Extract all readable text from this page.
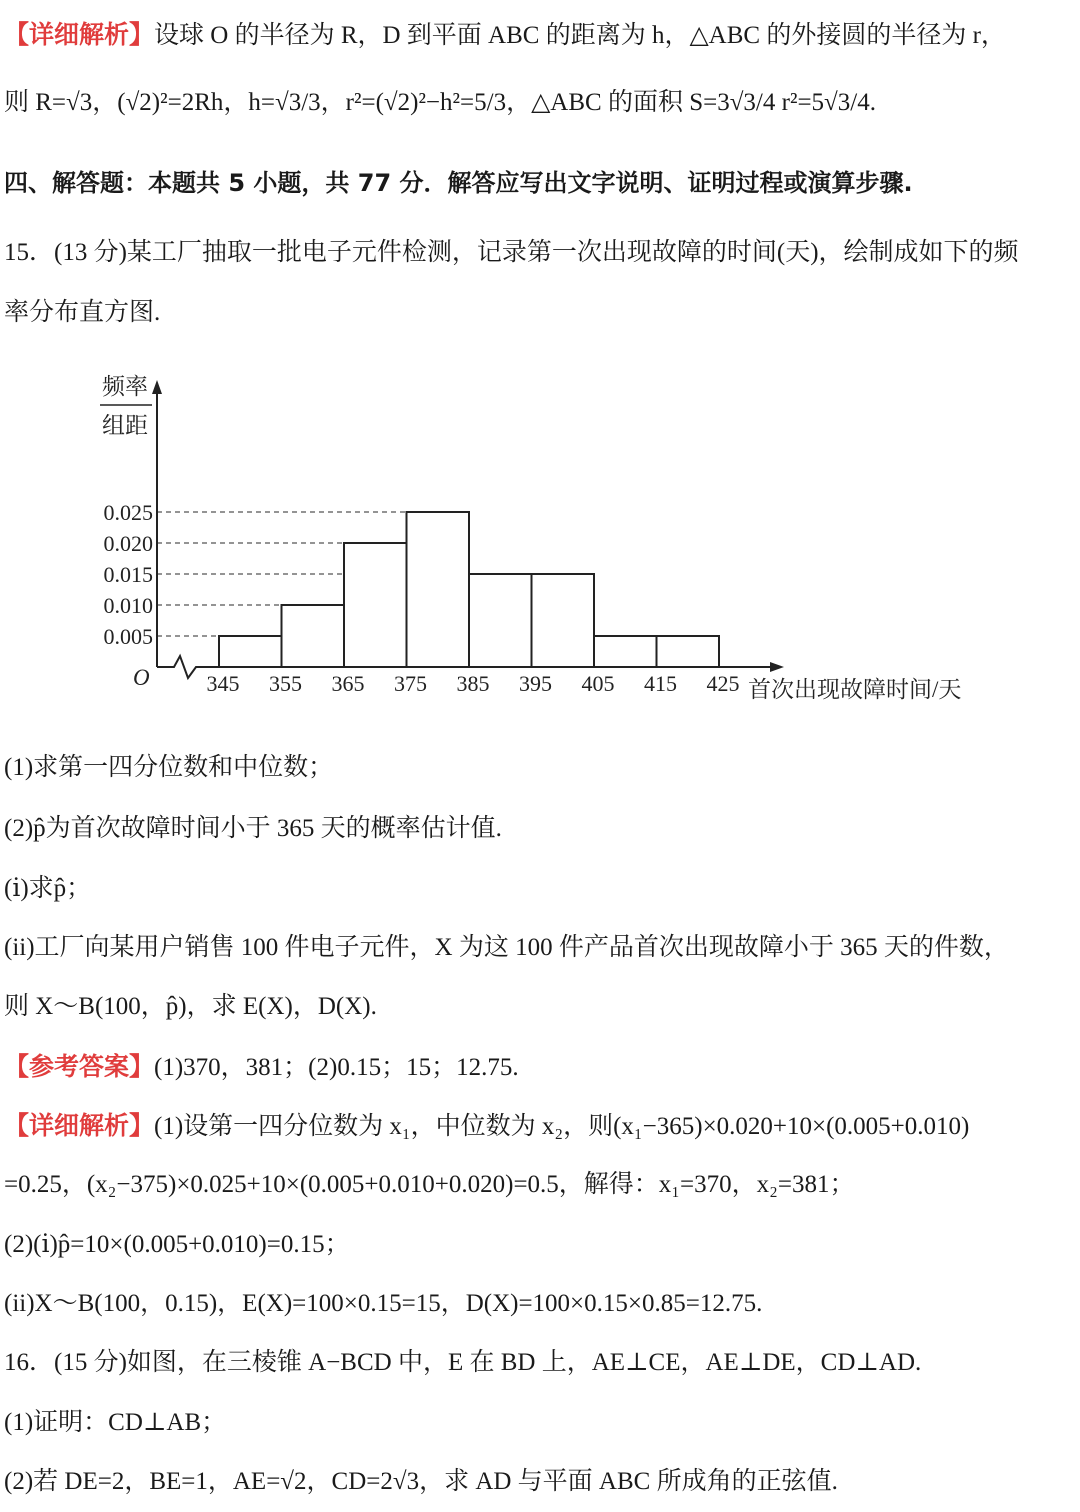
【详细解析】设球 O 的半径为 R，D 到平面 ABC 的距离为 h，△ABC 的外接圆的半径为 r，
则 R=√3，(√2)²=2Rh，h=√3/3，r²=(√2)²−h²=5/3，△ABC 的面积 S=3√3/4 r²=5√3/4.
四、解答题：本题共 5 小题，共 77 分．解答应写出文字说明、证明过程或演算步骤.
15．(13 分)某工厂抽取一批电子元件检测，记录第一次出现故障的时间(天)，绘制成如下的频
率分布直方图.
频率
组距
O	345 355 365 375 385 395 405 415 425
0.005
0.010
0.015
0.020
0.025
首次出现故障时间/天
(1)求第一四分位数和中位数；
(2)p̂为首次故障时间小于 365 天的概率估计值.
(ⅰ)求p̂；
(ii)工厂向某用户销售 100 件电子元件，X 为这 100 件产品首次出现故障小于 365 天的件数，
则 X～B(100，p̂)，求 E(X)，D(X).
【参考答案】(1)370，381；(2)0.15；15；12.75.
【详细解析】(1)设第一四分位数为 x₁，中位数为 x₂，则(x₁−365)×0.020+10×(0.005+0.010)
=0.25，(x₂−375)×0.025+10×(0.005+0.010+0.020)=0.5，解得：x₁=370，x₂=381；
(2)(ⅰ)p̂=10×(0.005+0.010)=0.15；
(ii)X～B(100，0.15)，E(X)=100×0.15=15，D(X)=100×0.15×0.85=12.75.
16．(15 分)如图，在三棱锥 A−BCD 中，E 在 BD 上，AE⊥CE，AE⊥DE，CD⊥AD.
(1)证明：CD⊥AB；
(2)若 DE=2，BE=1，AE=√2，CD=2√3，求 AD 与平面 ABC 所成角的正弦值.
